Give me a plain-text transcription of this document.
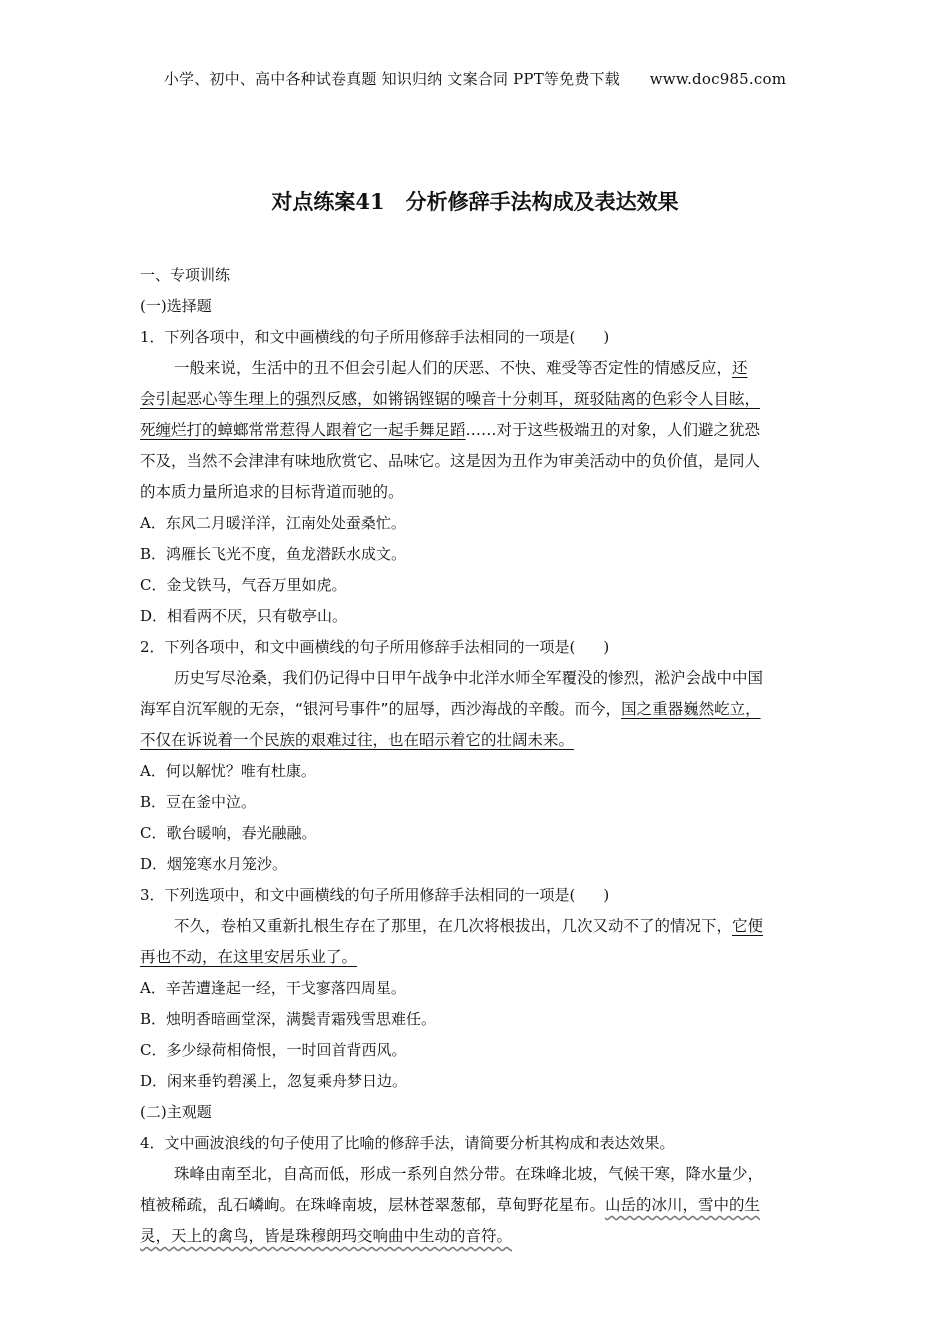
小学、初中、高中各种试卷真题 知识归纳 文案合同 PPT等免费下载 www.doc985.com
对点练案41　分析修辞手法构成及表达效果
一、专项训练
(一)选择题
1．下列各项中，和文中画横线的句子所用修辞手法相同的一项是( )
一般来说，生活中的丑不但会引起人们的厌恶、不快、难受等否定性的情感反应，还
会引起恶心等生理上的强烈反感，如锵锅铿锯的噪音十分刺耳，斑驳陆离的色彩令人目眩，
死缠烂打的蟑螂常常惹得人跟着它一起手舞足蹈……对于这些极端丑的对象，人们避之犹恐
不及，当然不会津津有味地欣赏它、品味它。这是因为丑作为审美活动中的负价值，是同人
的本质力量所追求的目标背道而驰的。
A．东风二月暖洋洋，江南处处蚕桑忙。
B．鸿雁长飞光不度，鱼龙潜跃水成文。
C．金戈铁马，气吞万里如虎。
D．相看两不厌，只有敬亭山。
2．下列各项中，和文中画横线的句子所用修辞手法相同的一项是( )
历史写尽沧桑，我们仍记得中日甲午战争中北洋水师全军覆没的惨烈，淞沪会战中中国
海军自沉军舰的无奈，“银河号事件”的屈辱，西沙海战的辛酸。而今，国之重器巍然屹立，
不仅在诉说着一个民族的艰难过往，也在昭示着它的壮阔未来。
A．何以解忧？唯有杜康。
B．豆在釜中泣。
C．歌台暖响，春光融融。
D．烟笼寒水月笼沙。
3．下列选项中，和文中画横线的句子所用修辞手法相同的一项是( )
不久，卷柏又重新扎根生存在了那里，在几次将根拔出，几次又动不了的情况下，它便
再也不动，在这里安居乐业了。
A．辛苦遭逢起一经，干戈寥落四周星。
B．烛明香暗画堂深，满鬓青霜残雪思难任。
C．多少绿荷相倚恨，一时回首背西风。
D．闲来垂钓碧溪上，忽复乘舟梦日边。
(二)主观题
4．文中画波浪线的句子使用了比喻的修辞手法，请简要分析其构成和表达效果。
珠峰由南至北，自高而低，形成一系列自然分带。在珠峰北坡，气候干寒，降水量少，
植被稀疏，乱石嶙峋。在珠峰南坡，层林苍翠葱郁，草甸野花星布。山岳的冰川，雪中的生
灵，天上的禽鸟，皆是珠穆朗玛交响曲中生动的音符。
